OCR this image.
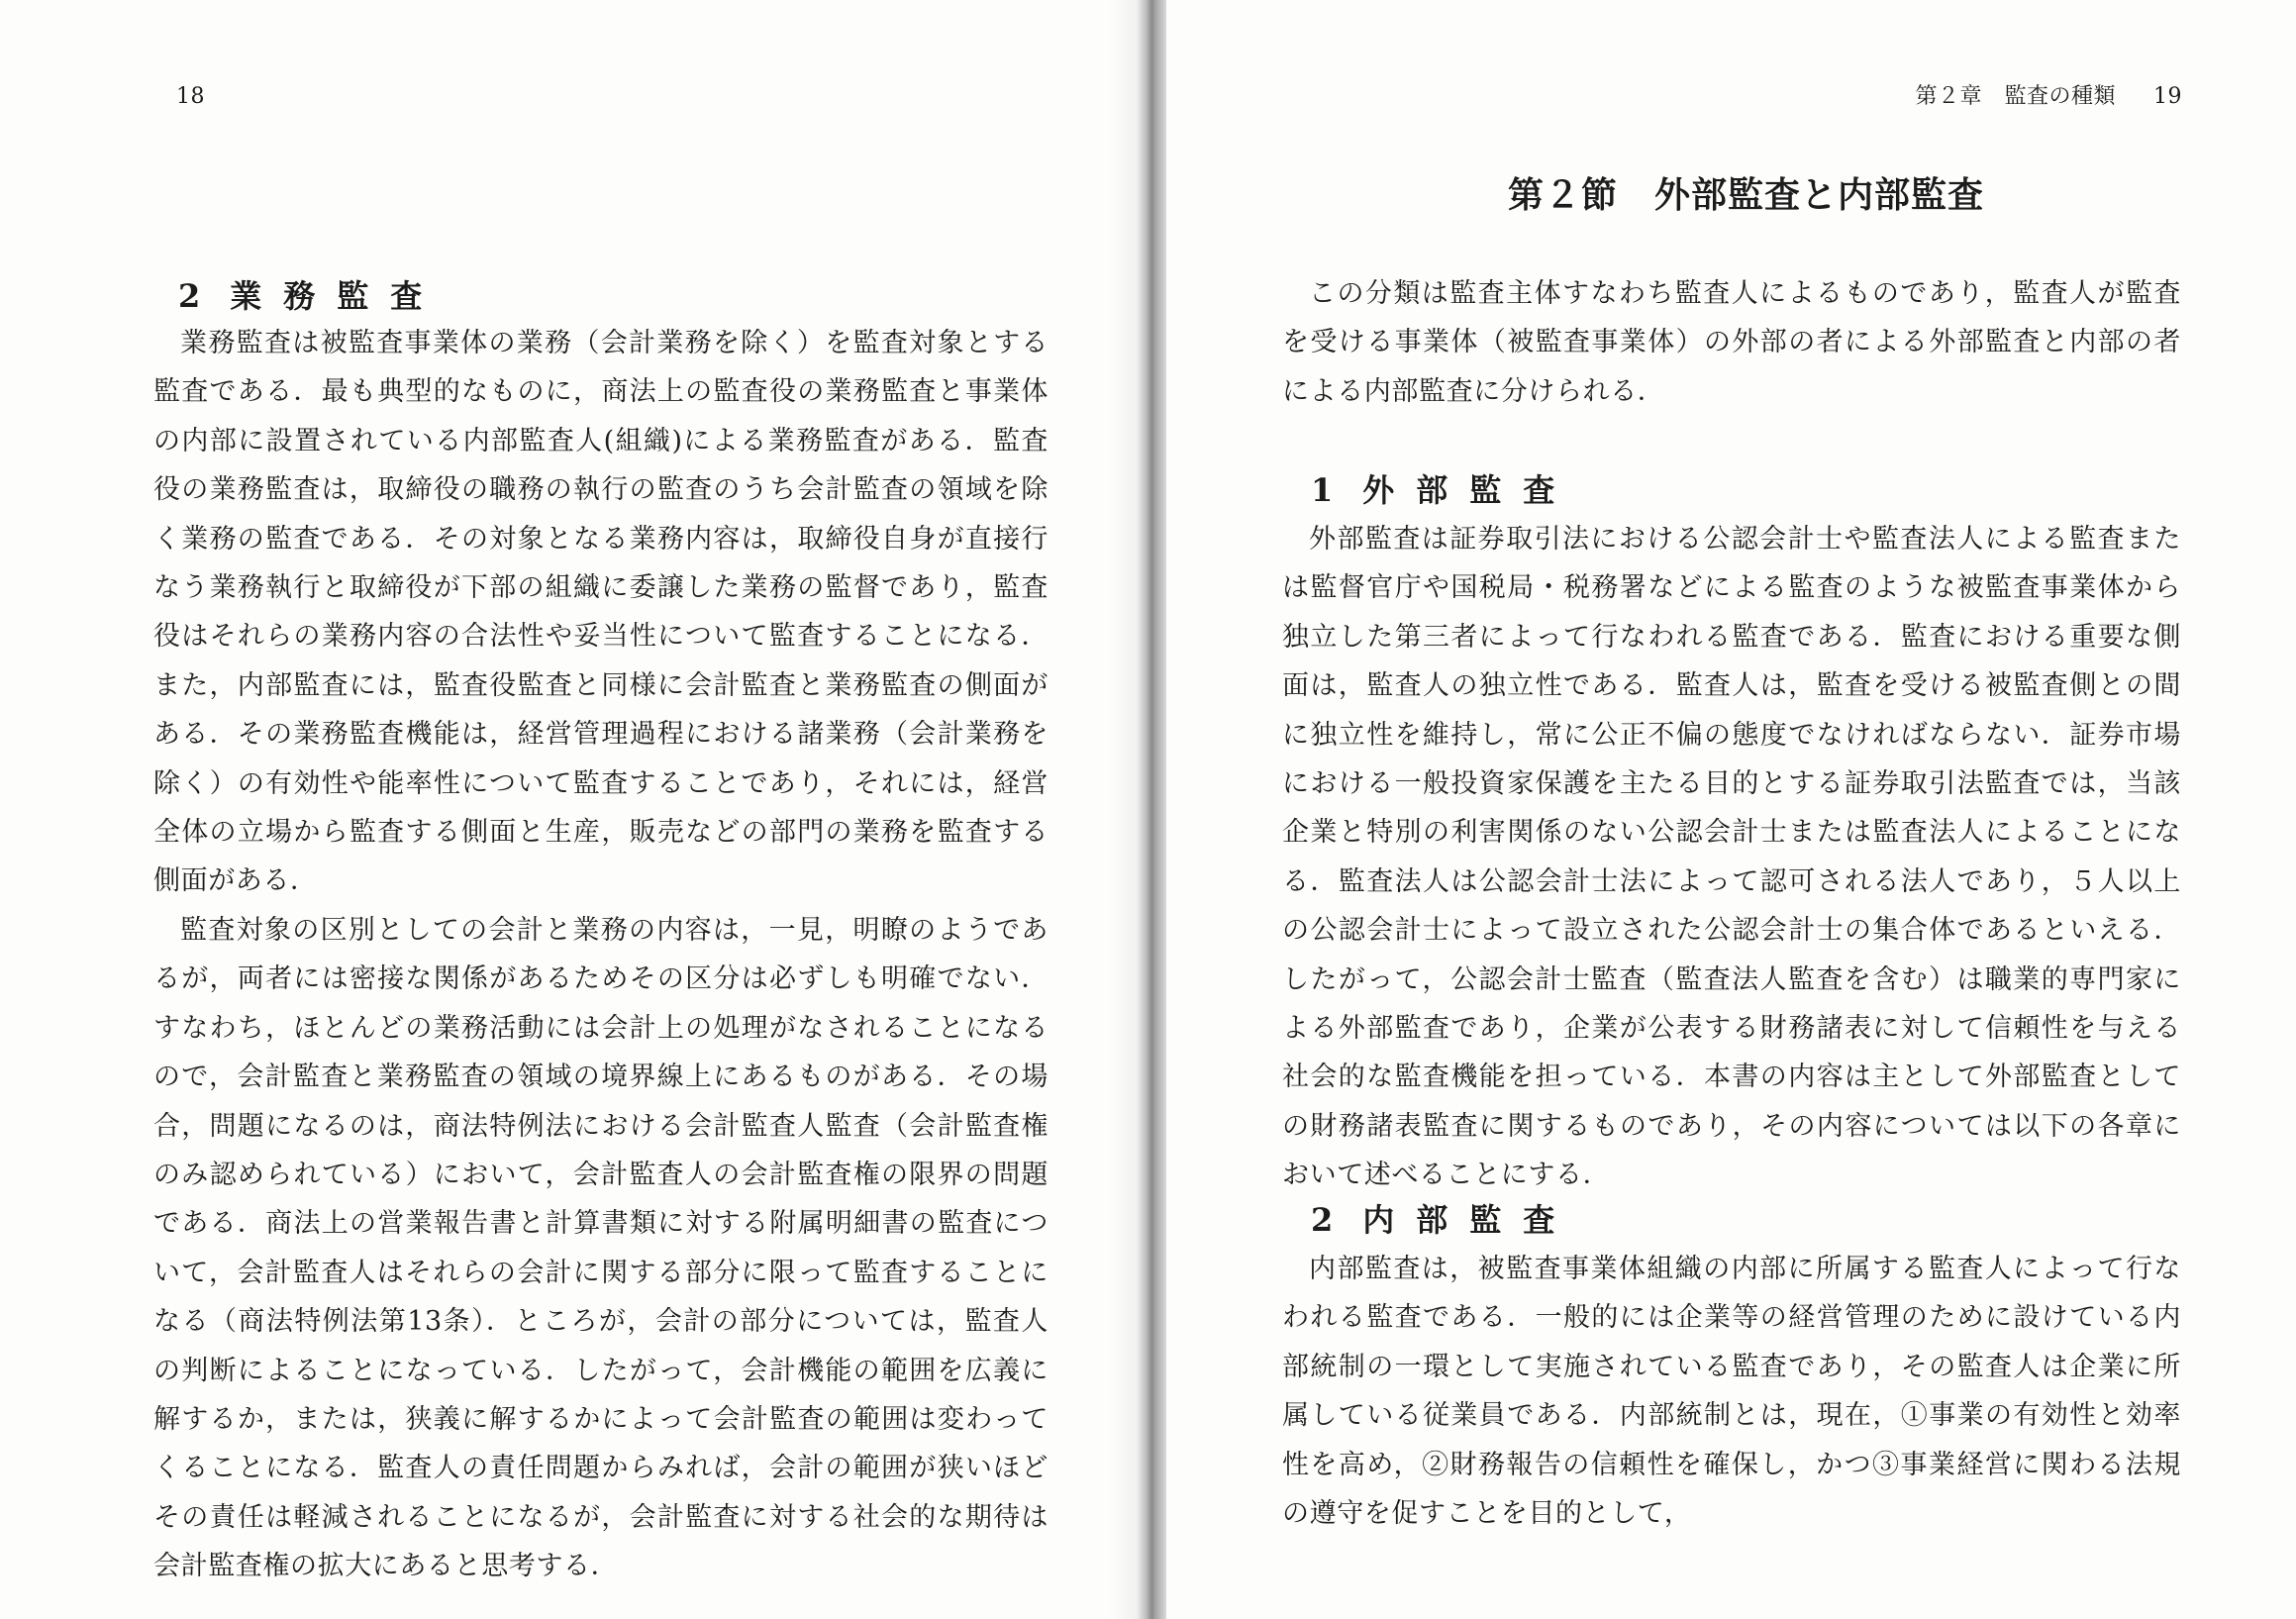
18
2 業務監査

業務監査は被監査事業体の業務（会計業務を除く）を監査対象とする監査である．最も典型的なものに，商法上の監査役の業務監査と事業体の内部に設置されている内部監査人(組織)による業務監査がある．監査役の業務監査は，取締役の職務の執行の監査のうち会計監査の領域を除く業務の監査である．その対象となる業務内容は，取締役自身が直接行なう業務執行と取締役が下部の組織に委譲した業務の監督であり，監査役はそれらの業務内容の合法性や妥当性について監査することになる．また，内部監査には，監査役監査と同様に会計監査と業務監査の側面がある．その業務監査機能は，経営管理過程における諸業務（会計業務を除く）の有効性や能率性について監査することであり，それには，経営全体の立場から監査する側面と生産，販売などの部門の業務を監査する側面がある．

監査対象の区別としての会計と業務の内容は，一見，明瞭のようであるが，両者には密接な関係があるためその区分は必ずしも明確でない．すなわち，ほとんどの業務活動には会計上の処理がなされることになるので，会計監査と業務監査の領域の境界線上にあるものがある．その場合，問題になるのは，商法特例法における会計監査人監査（会計監査権のみ認められている）において，会計監査人の会計監査権の限界の問題である．商法上の営業報告書と計算書類に対する附属明細書の監査について，会計監査人はそれらの会計に関する部分に限って監査することになる（商法特例法第13条）．ところが，会計の部分については，監査人の判断によることになっている．したがって，会計機能の範囲を広義に解するか，または，狭義に解するかによって会計監査の範囲は変わってくることになる．監査人の責任問題からみれば，会計の範囲が狭いほどその責任は軽減されることになるが，会計監査に対する社会的な期待は会計監査権の拡大にあると思考する．

第２章　監査の種類 19
第２節　外部監査と内部監査

この分類は監査主体すなわち監査人によるものであり，監査人が監査を受ける事業体（被監査事業体）の外部の者による外部監査と内部の者による内部監査に分けられる．

1 外部監査

外部監査は証券取引法における公認会計士や監査法人による監査または監督官庁や国税局・税務署などによる監査のような被監査事業体から独立した第三者によって行なわれる監査である．監査における重要な側面は，監査人の独立性である．監査人は，監査を受ける被監査側との間に独立性を維持し，常に公正不偏の態度でなければならない．証券市場における一般投資家保護を主たる目的とする証券取引法監査では，当該企業と特別の利害関係のない公認会計士または監査法人によることになる．監査法人は公認会計士法によって認可される法人であり，５人以上の公認会計士によって設立された公認会計士の集合体であるといえる．したがって，公認会計士監査（監査法人監査を含む）は職業的専門家による外部監査であり，企業が公表する財務諸表に対して信頼性を与える社会的な監査機能を担っている．本書の内容は主として外部監査としての財務諸表監査に関するものであり，その内容については以下の各章において述べることにする．

2 内部監査

内部監査は，被監査事業体組織の内部に所属する監査人によって行なわれる監査である．一般的には企業等の経営管理のために設けている内部統制の一環として実施されている監査であり，その監査人は企業に所属している従業員である．内部統制とは，現在，①事業の有効性と効率性を高め，②財務報告の信頼性を確保し，かつ③事業経営に関わる法規の遵守を促すことを目的として，
